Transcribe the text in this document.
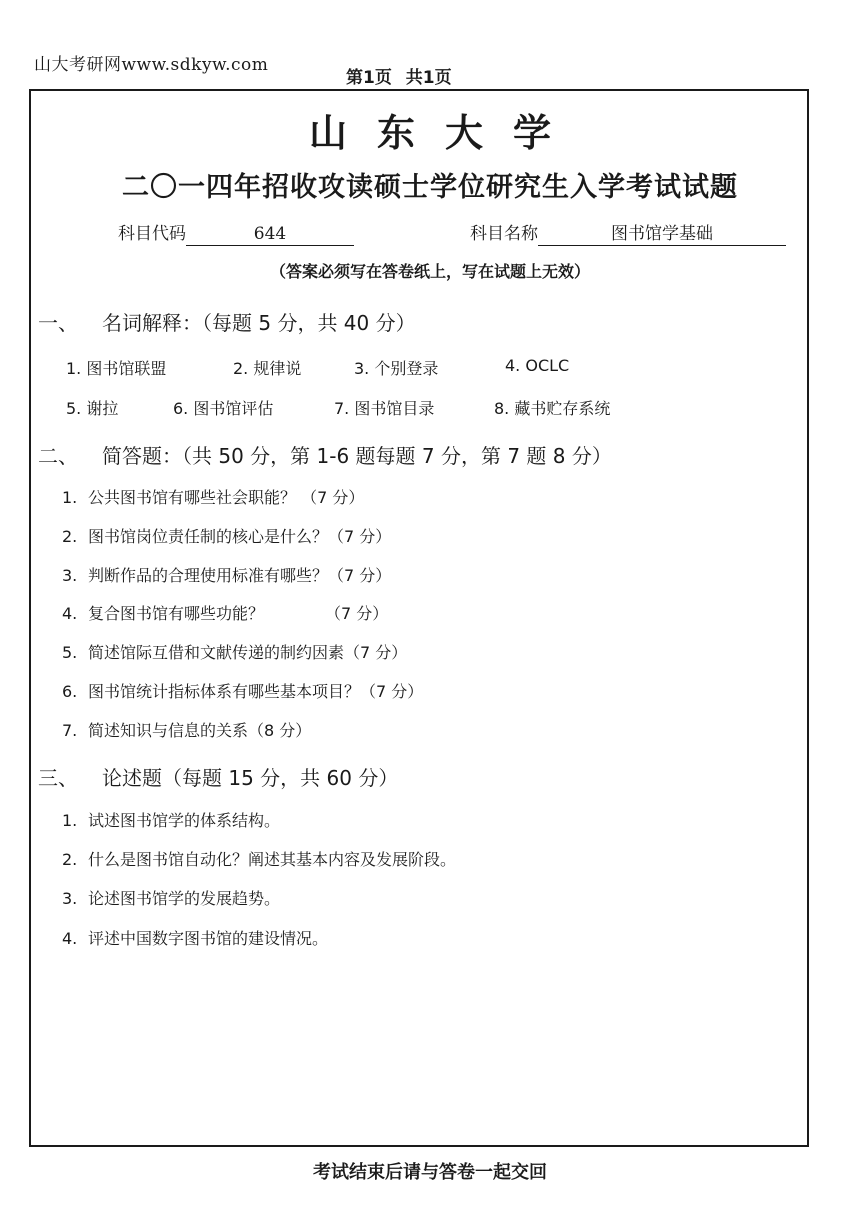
山大考研网www.sdkyw.com
第1页 共1页
山东大学
二〇一四年招收攻读硕士学位研究生入学考试试题
科目代码	644	科目名称	图书馆学基础
（答案必须写在答卷纸上，写在试题上无效）
一、 名词解释：（每题 5 分，共 40 分）
1. 图书馆联盟	2. 规律说	3. 个别登录	4. OCLC
5. 谢拉	6. 图书馆评估	7. 图书馆目录	8. 藏书贮存系统
二、 简答题：（共 50 分，第 1-6 题每题 7 分，第 7 题 8 分）
1. 公共图书馆有哪些社会职能？ （7 分）
2. 图书馆岗位责任制的核心是什么？（7 分）
3. 判断作品的合理使用标准有哪些？（7 分）
4. 复合图书馆有哪些功能？            （7 分）
5. 简述馆际互借和文献传递的制约因素（7 分）
6. 图书馆统计指标体系有哪些基本项目？（7 分）
7. 简述知识与信息的关系（8 分）
三、 论述题（每题 15 分，共 60 分）
1. 试述图书馆学的体系结构。
2. 什么是图书馆自动化？阐述其基本内容及发展阶段。
3. 论述图书馆学的发展趋势。
4. 评述中国数字图书馆的建设情况。
考试结束后请与答卷一起交回
